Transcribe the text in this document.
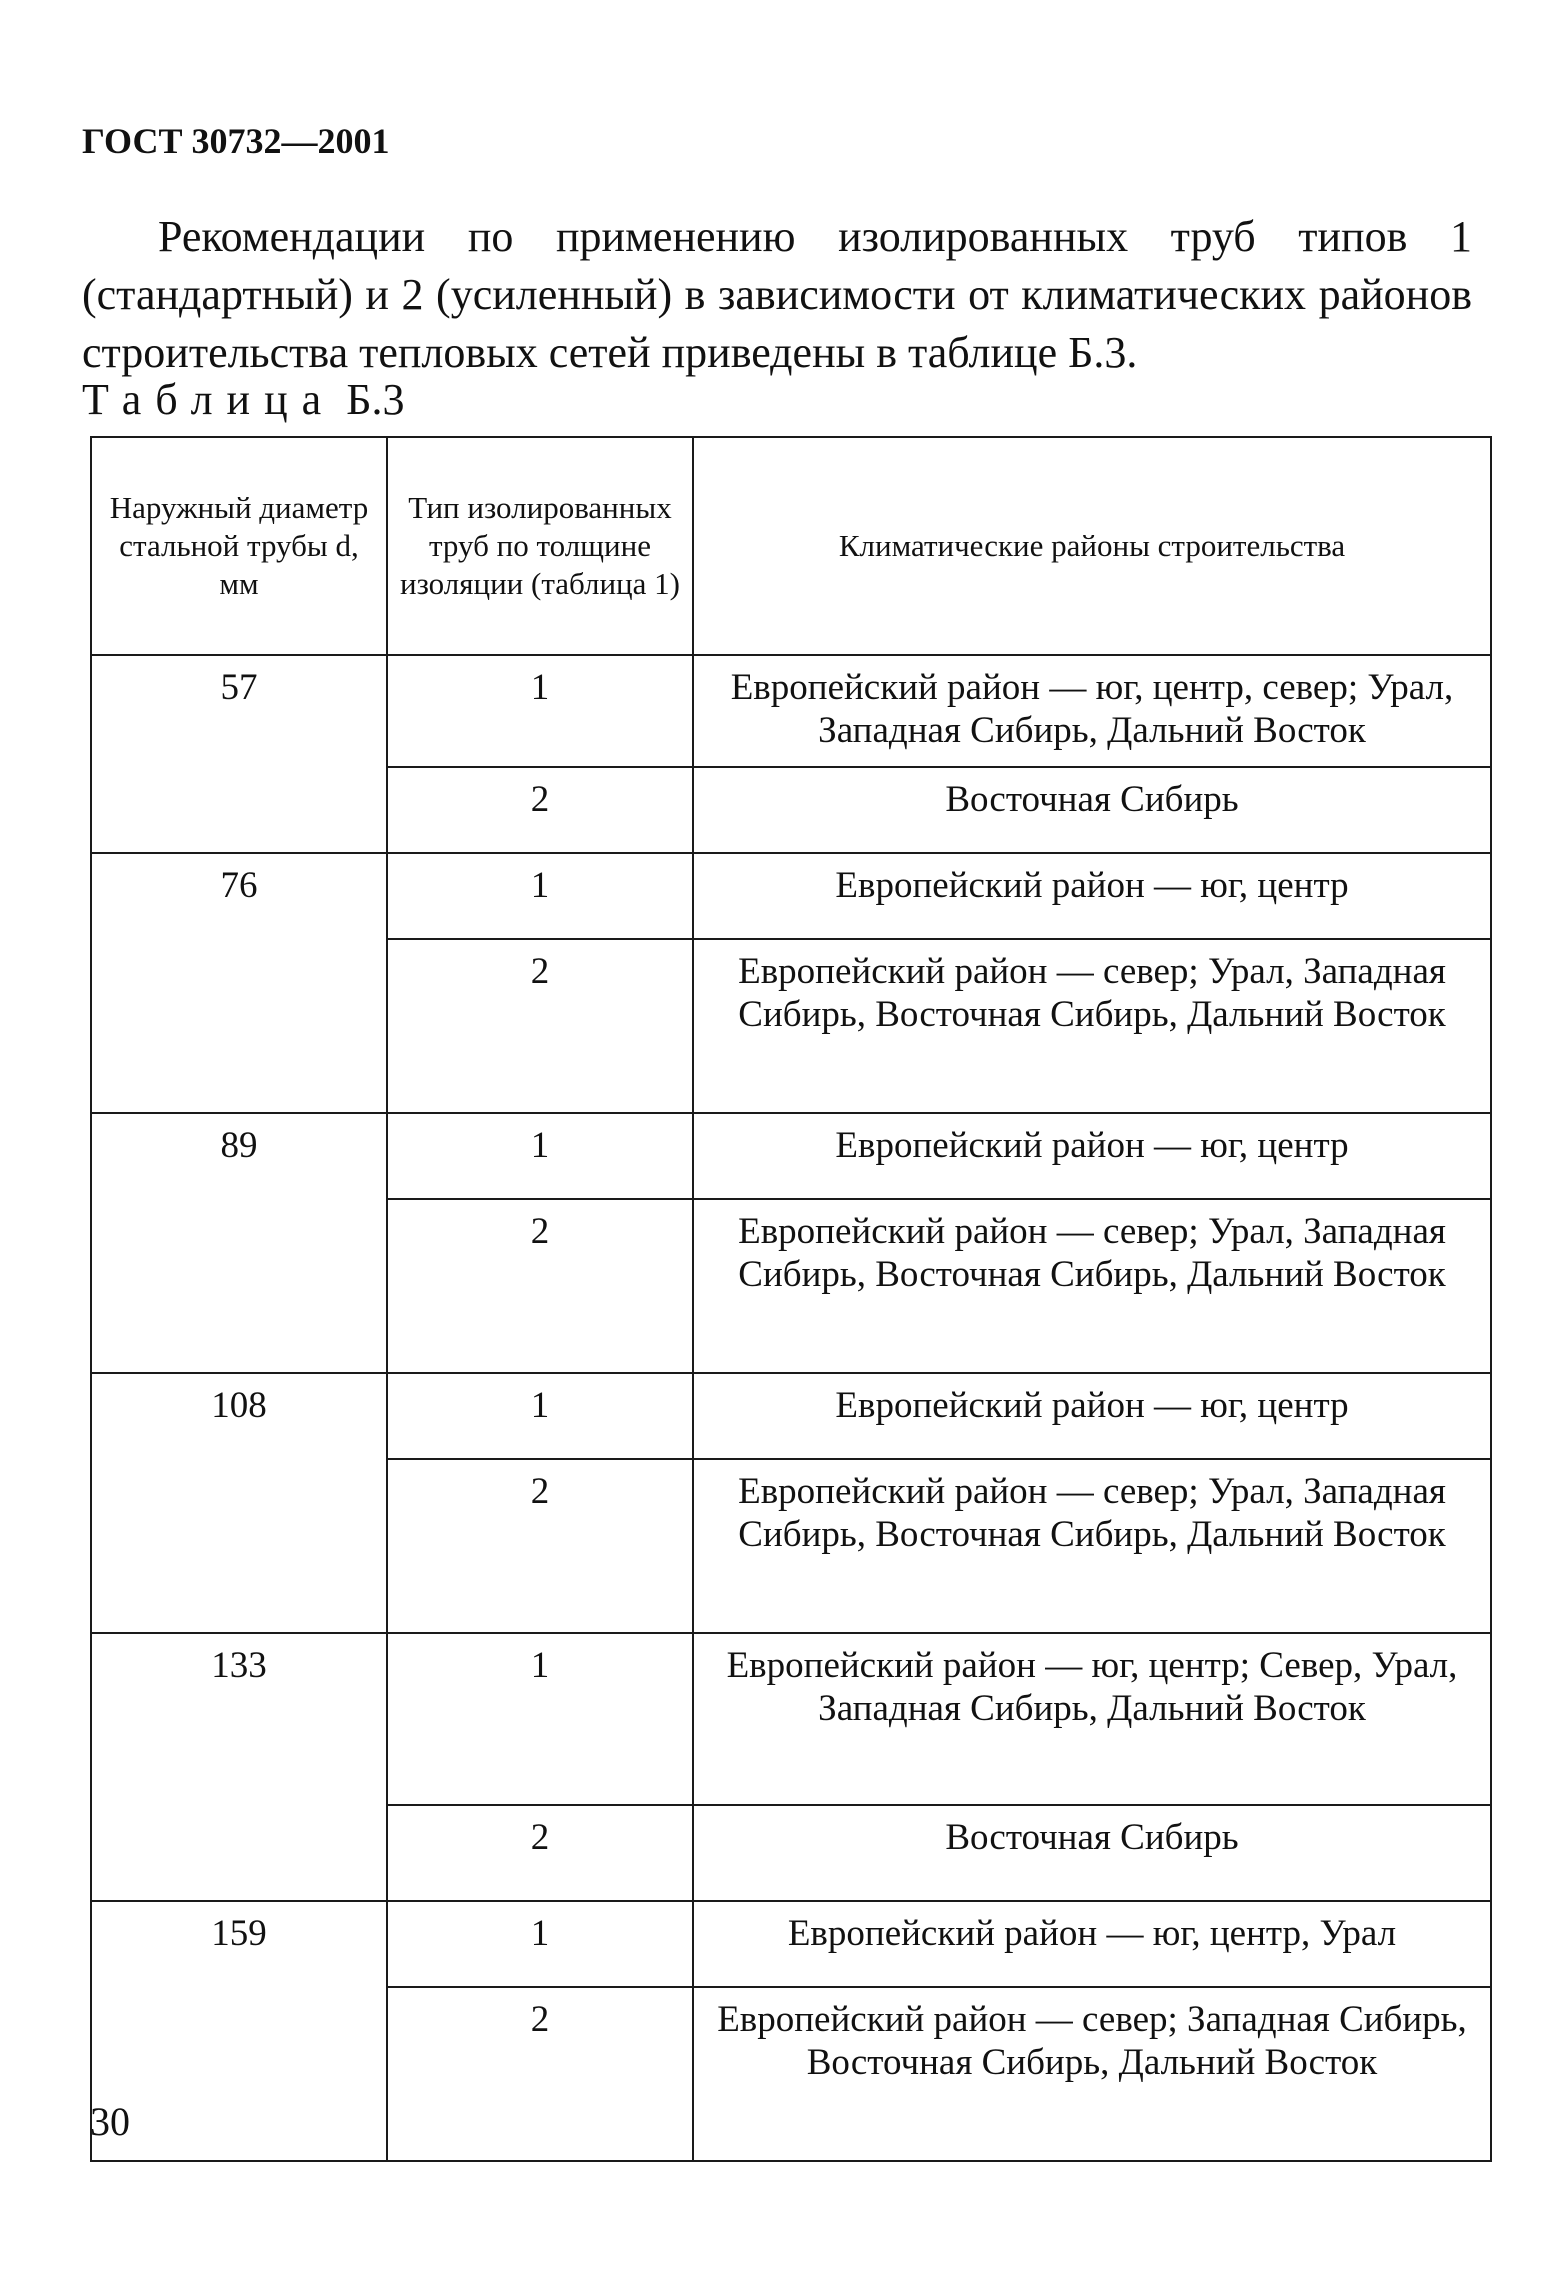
ГОСТ 30732—2001

Рекомендации по применению изолированных труб типов 1 (стандартный) и 2 (усиленный) в зависимости от климатических районов строительства тепловых сетей приведены в таблице Б.3.

Таблица Б.3
Наружный диаметр стальной трубы d, мм	Тип изолированных труб по толщине изоляции (таблица 1)	Климатические районы строительства
57	1	Европейский район — юг, центр, север; Урал, Западная Сибирь, Дальний Восток
	2	Восточная Сибирь
76	1	Европейский район — юг, центр
	2	Европейский район — север; Урал, Западная Сибирь, Восточная Сибирь, Дальний Восток
89	1	Европейский район — юг, центр
	2	Европейский район — север; Урал, Западная Сибирь, Восточная Сибирь, Дальний Восток
108	1	Европейский район — юг, центр
	2	Европейский район — север; Урал, Западная Сибирь, Восточная Сибирь, Дальний Восток
133	1	Европейский район — юг, центр; Север, Урал, Западная Сибирь, Дальний Восток
	2	Восточная Сибирь
159	1	Европейский район — юг, центр, Урал
	2	Европейский район — север; Западная Сибирь, Восточная Сибирь, Дальний Восток
30
